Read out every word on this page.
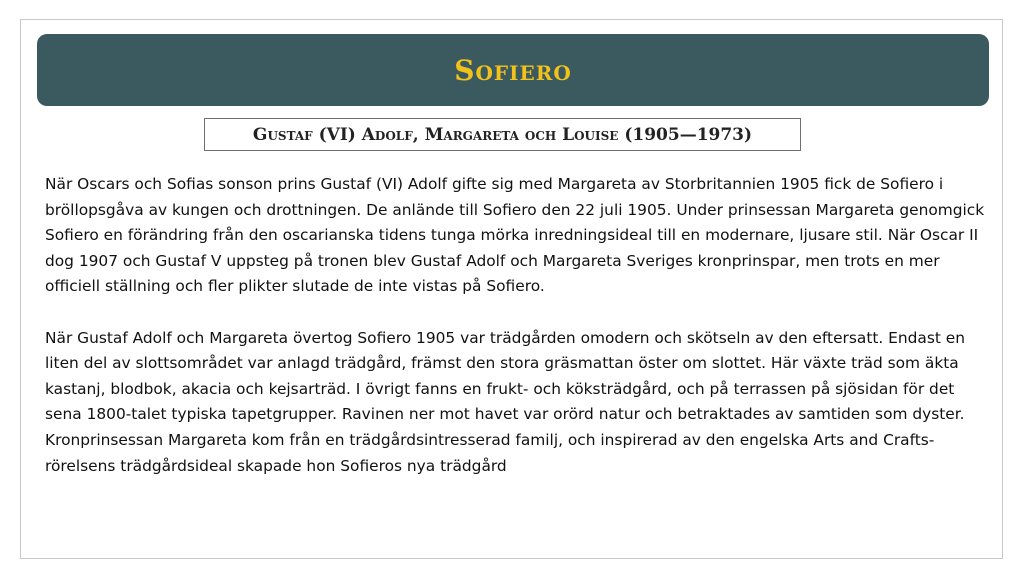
Sofiero
Gustaf (VI) Adolf, Margareta och Louise (1905—1973)

När Oscars och Sofias sonson prins Gustaf (VI) Adolf gifte sig med Margareta av Storbritannien 1905 fick de Sofiero i bröllopsgåva av kungen och drottningen. De anlände till Sofiero den 22 juli 1905. Under prinsessan Margareta genomgick Sofiero en förändring från den oscarianska tidens tunga mörka inredningsideal till en modernare, ljusare stil. När Oscar II dog 1907 och Gustaf V uppsteg på tronen blev Gustaf Adolf och Margareta Sveriges kronprinspar, men trots en mer officiell ställning och fler plikter slutade de inte vistas på Sofiero.

När Gustaf Adolf och Margareta övertog Sofiero 1905 var trädgården omodern och skötseln av den eftersatt. Endast en liten del av slottsområdet var anlagd trädgård, främst den stora gräsmattan öster om slottet. Här växte träd som äkta kastanj, blodbok, akacia och kejsarträd. I övrigt fanns en frukt- och köksträdgård, och på terrassen på sjösidan för det sena 1800-talet typiska tapetgrupper. Ravinen ner mot havet var orörd natur och betraktades av samtiden som dyster. Kronprinsessan Margareta kom från en trädgårdsintresserad familj, och inspirerad av den engelska Arts and Crafts-rörelsens trädgårdsideal skapade hon Sofieros nya trädgård
